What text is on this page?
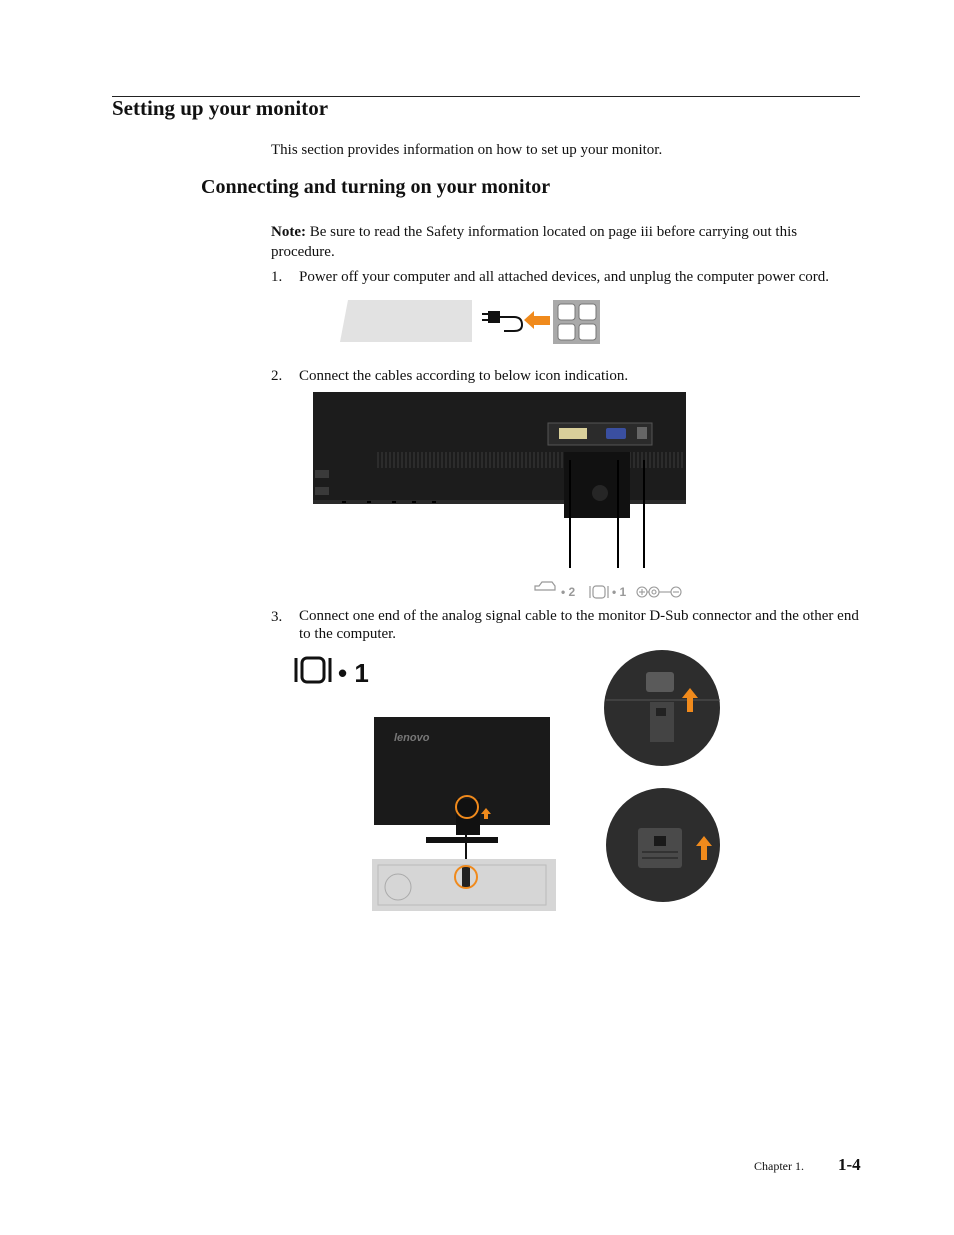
Setting up your monitor
This section provides information on how to set up your monitor.
Connecting and turning on your monitor
Note: Be sure to read the Safety information located on page iii before carrying out this procedure.
1. Power off your computer and all attached devices, and unplug the computer power cord.
2. Connect the cables according to below icon indication.
• 2	• 1
3. Connect one end of the analog signal cable to the monitor D-Sub connector and the other end to the computer.
• 1
lenovo
Chapter 1. 1-4
